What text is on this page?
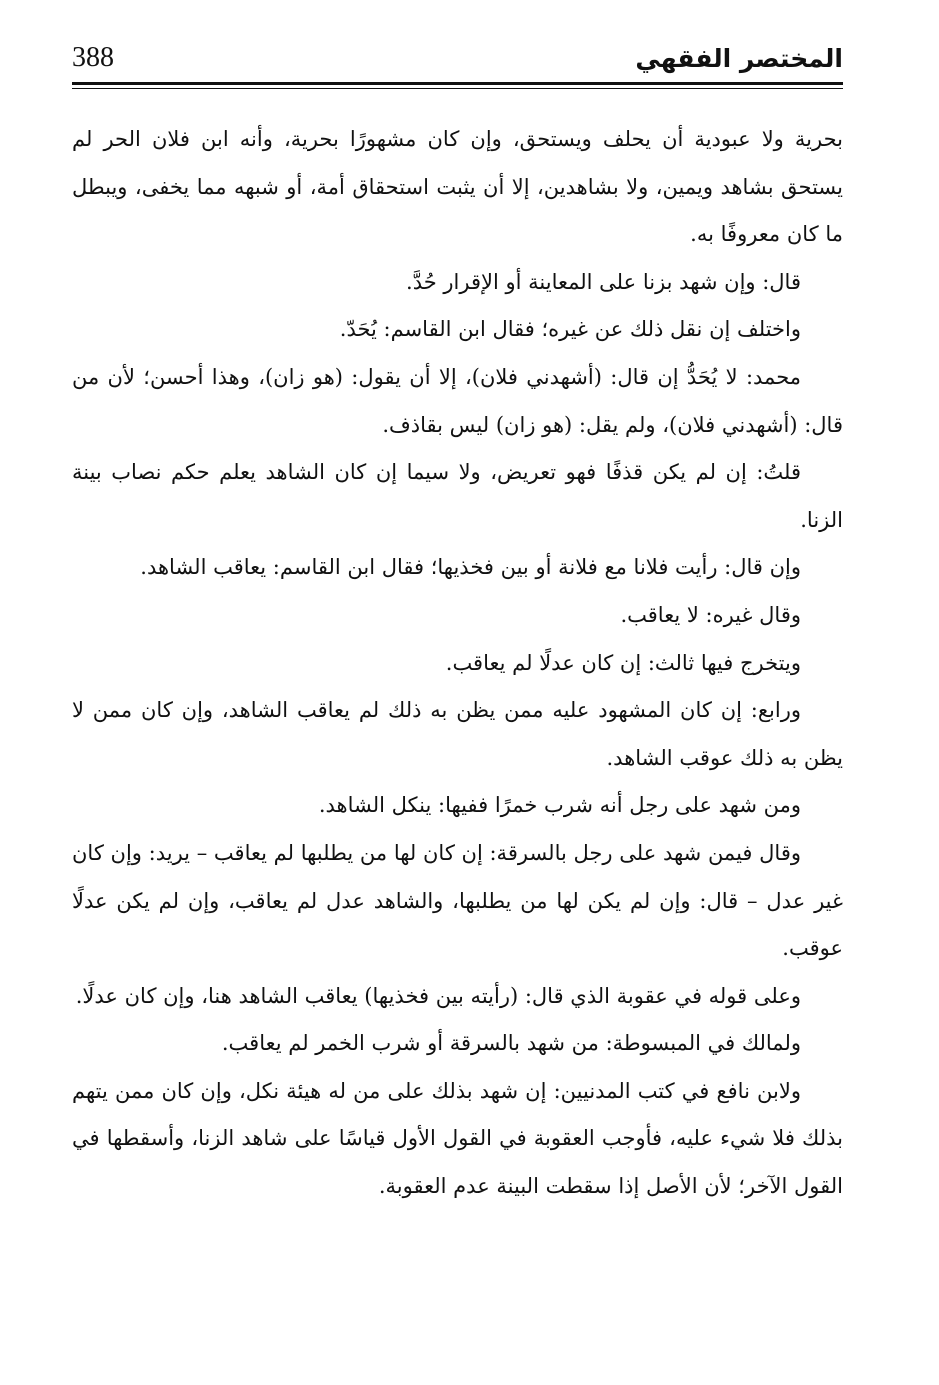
المختصر الفقهي
388

بحرية ولا عبودية أن يحلف ويستحق، وإن كان مشهورًا بحرية، وأنه ابن فلان الحر لم يستحق بشاهد ويمين، ولا بشاهدين، إلا أن يثبت استحقاق أمة، أو شبهه مما يخفى، ويبطل ما كان معروفًا به.

قال: وإن شهد بزنا على المعاينة أو الإقرار حُدَّ.

واختلف إن نقل ذلك عن غيره؛ فقال ابن القاسم: يُحَدّ.

محمد: لا يُحَدُّ إن قال: (أشهدني فلان)، إلا أن يقول: (هو زان)، وهذا أحسن؛ لأن من قال: (أشهدني فلان)، ولم يقل: (هو زان) ليس بقاذف.

قلتُ: إن لم يكن قذفًا فهو تعريض، ولا سيما إن كان الشاهد يعلم حكم نصاب بينة الزنا.

وإن قال: رأيت فلانا مع فلانة أو بين فخذيها؛ فقال ابن القاسم: يعاقب الشاهد.

وقال غيره: لا يعاقب.

ويتخرج فيها ثالث: إن كان عدلًا لم يعاقب.

ورابع: إن كان المشهود عليه ممن يظن به ذلك لم يعاقب الشاهد، وإن كان ممن لا يظن به ذلك عوقب الشاهد.

ومن شهد على رجل أنه شرب خمرًا ففيها: ينكل الشاهد.

وقال فيمن شهد على رجل بالسرقة: إن كان لها من يطلبها لم يعاقب – يريد: وإن كان غير عدل – قال: وإن لم يكن لها من يطلبها، والشاهد عدل لم يعاقب، وإن لم يكن عدلًا عوقب.

وعلى قوله في عقوبة الذي قال: (رأيته بين فخذيها) يعاقب الشاهد هنا، وإن كان عدلًا.

ولمالك في المبسوطة: من شهد بالسرقة أو شرب الخمر لم يعاقب.

ولابن نافع في كتب المدنيين: إن شهد بذلك على من له هيئة نكل، وإن كان ممن يتهم بذلك فلا شيء عليه، فأوجب العقوبة في القول الأول قياسًا على شاهد الزنا، وأسقطها في القول الآخر؛ لأن الأصل إذا سقطت البينة عدم العقوبة.
